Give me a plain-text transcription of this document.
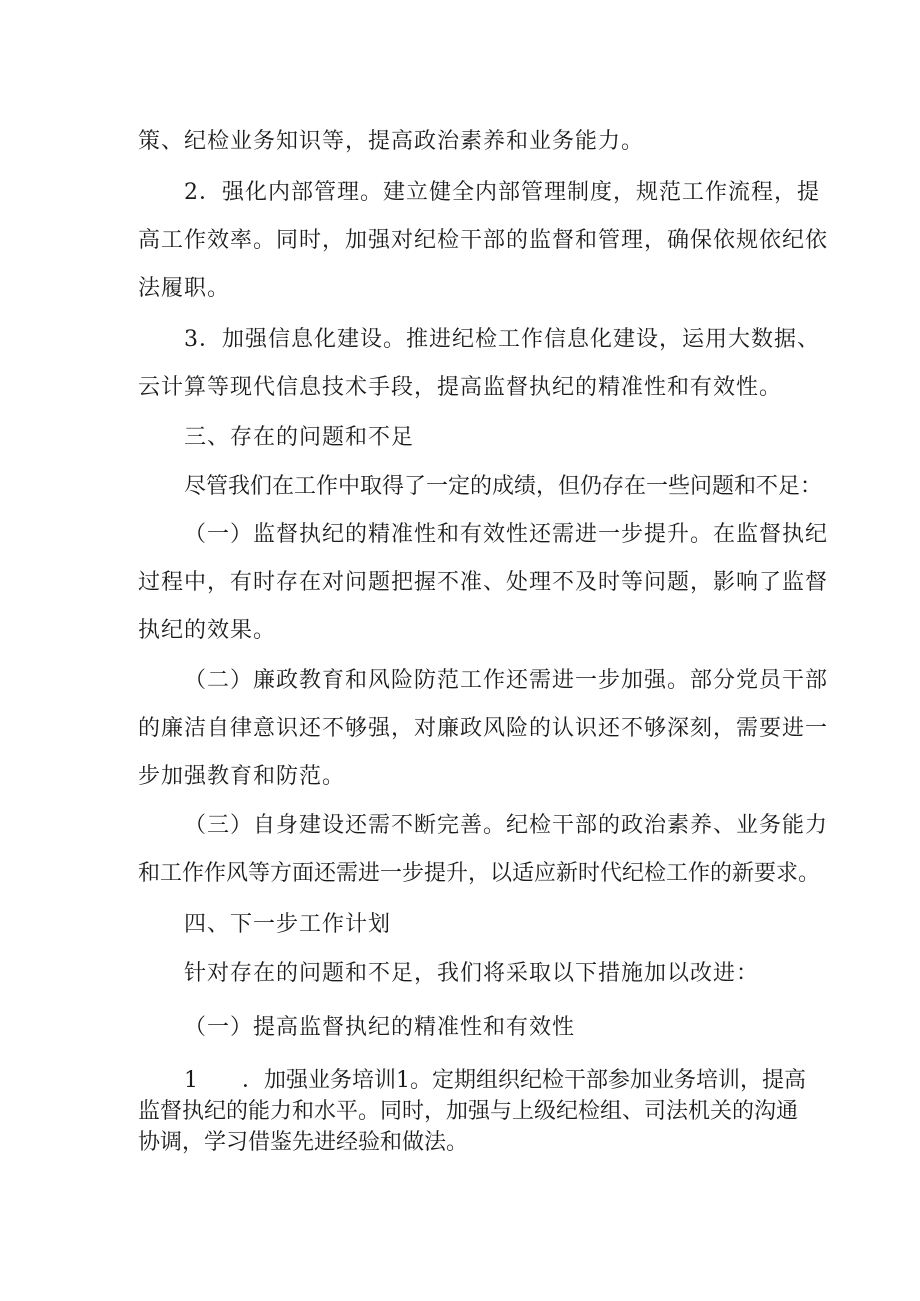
策、纪检业务知识等，提高政治素养和业务能力。
2．强化内部管理。建立健全内部管理制度，规范工作流程，提
高工作效率。同时，加强对纪检干部的监督和管理，确保依规依纪依
法履职。
3．加强信息化建设。推进纪检工作信息化建设，运用大数据、
云计算等现代信息技术手段，提高监督执纪的精准性和有效性。
三、存在的问题和不足
尽管我们在工作中取得了一定的成绩，但仍存在一些问题和不足：
（一）监督执纪的精准性和有效性还需进一步提升。在监督执纪
过程中，有时存在对问题把握不准、处理不及时等问题，影响了监督
执纪的效果。
（二）廉政教育和风险防范工作还需进一步加强。部分党员干部
的廉洁自律意识还不够强，对廉政风险的认识还不够深刻，需要进一
步加强教育和防范。
（三）自身建设还需不断完善。纪检干部的政治素养、业务能力
和工作作风等方面还需进一步提升，以适应新时代纪检工作的新要求。
四、下一步工作计划
针对存在的问题和不足，我们将采取以下措施加以改进：
（一）提高监督执纪的精准性和有效性
1　　．加强业务培训1。定期组织纪检干部参加业务培训，提高
监督执纪的能力和水平。同时，加强与上级纪检组、司法机关的沟通
协调，学习借鉴先进经验和做法。
